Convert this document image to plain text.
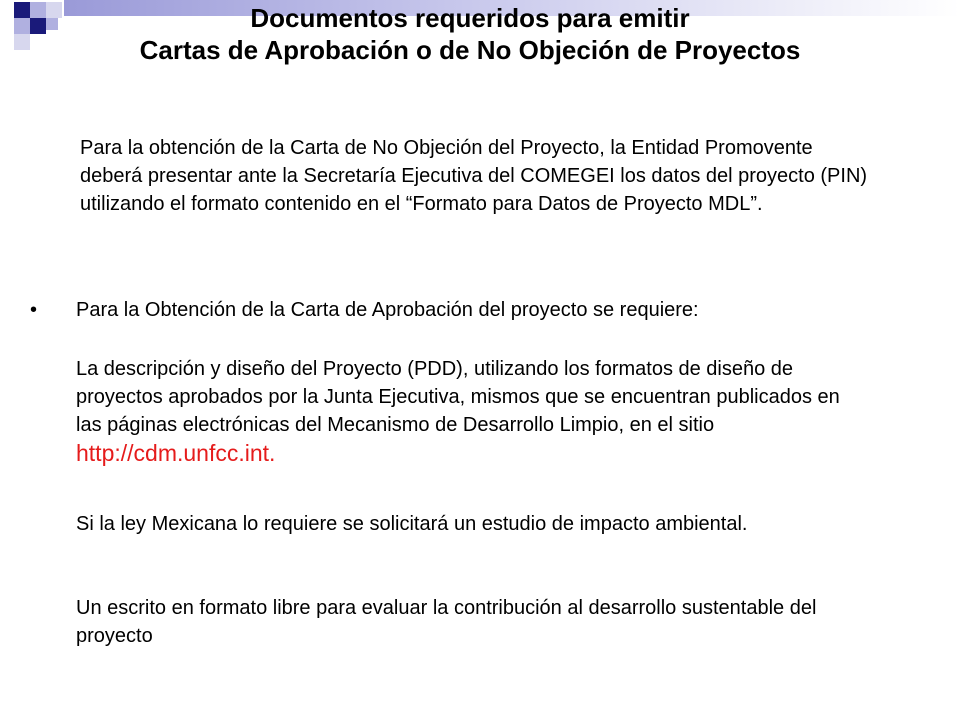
Documentos requeridos para emitir
Cartas de Aprobación o de No Objeción de Proyectos
Para la obtención de la Carta de No Objeción del Proyecto, la Entidad Promovente deberá presentar ante la Secretaría Ejecutiva del COMEGEI los datos del proyecto (PIN) utilizando el formato contenido en el “Formato para Datos de Proyecto MDL”.
• Para la Obtención de la Carta de Aprobación del proyecto se requiere:
La descripción y diseño del Proyecto (PDD), utilizando los formatos de diseño de proyectos aprobados por la Junta Ejecutiva, mismos que se encuentran publicados en las páginas electrónicas del Mecanismo de Desarrollo Limpio, en el sitio http://cdm.unfcc.int.
Si la ley Mexicana lo requiere se solicitará un estudio de impacto ambiental.
Un escrito en formato libre para evaluar la contribución al desarrollo sustentable del proyecto
